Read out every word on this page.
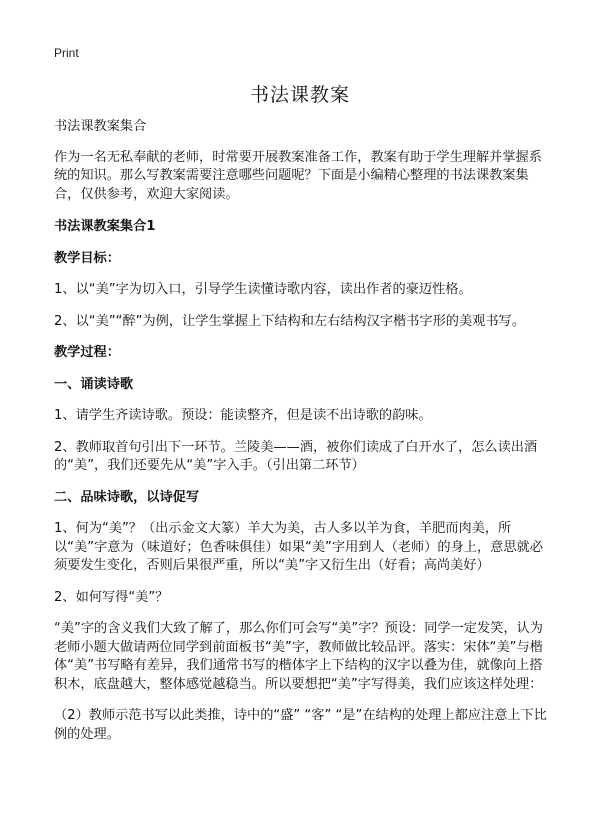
Print
书法课教案

书法课教案集合

作为一名无私奉献的老师，时常要开展教案准备工作，教案有助于学生理解并掌握系统的知识。那么写教案需要注意哪些问题呢？下面是小编精心整理的书法课教案集合，仅供参考，欢迎大家阅读。

书法课教案集合1

教学目标：

1、以“美”字为切入口，引导学生读懂诗歌内容，读出作者的豪迈性格。

2、以“美”“醉”为例，让学生掌握上下结构和左右结构汉字楷书字形的美观书写。

教学过程：

一、诵读诗歌

1、请学生齐读诗歌。预设：能读整齐，但是读不出诗歌的韵味。

2、教师取首句引出下一环节。兰陵美——酒，被你们读成了白开水了，怎么读出酒的“美”，我们还要先从“美”字入手。（引出第二环节）

二、品味诗歌，以诗促写

1、何为“美”？（出示金文大篆）羊大为美，古人多以羊为食，羊肥而肉美，所以“美”字意为（味道好；色香味俱佳）如果“美”字用到人（老师）的身上，意思就必须要发生变化，否则后果很严重，所以“美”字又衍生出（好看；高尚美好）

2、如何写得“美”？

“美”字的含义我们大致了解了，那么你们可会写“美”字？预设：同学一定发笑，认为老师小题大做请两位同学到前面板书“美”字，教师做比较品评。落实：宋体“美”与楷体“美”书写略有差异，我们通常书写的楷体字上下结构的汉字以叠为佳，就像向上搭积木，底盘越大，整体感觉越稳当。所以要想把“美”字写得美，我们应该这样处理：

（2）教师示范书写以此类推，诗中的“盛” “客” “是”在结构的处理上都应注意上下比例的处理。
